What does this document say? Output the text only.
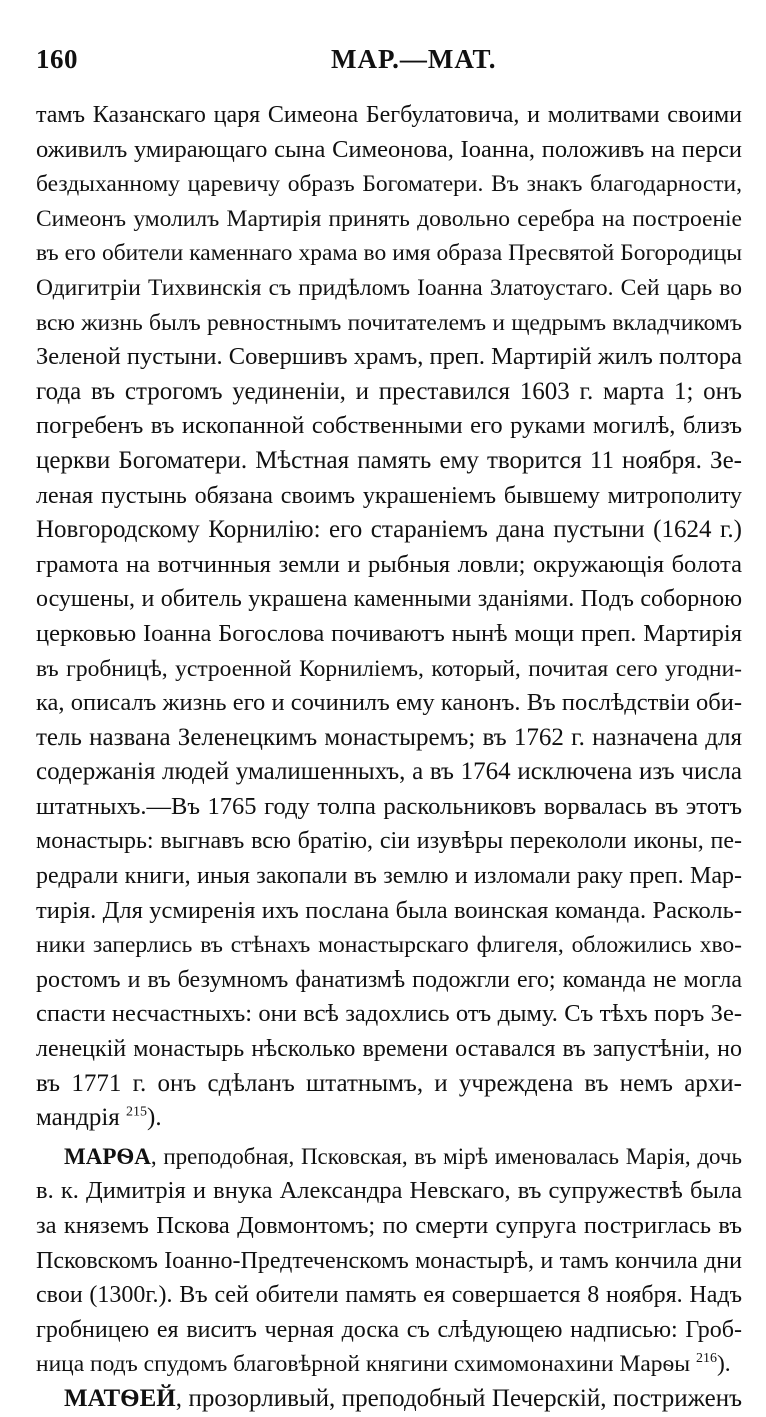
160	МАР.—МАТ.
тамъ Казанскаго царя Симеона Бегбулатовича, и молитвами своими
оживилъ умирающаго сына Симеонова, Іоанна, положивъ на перси
бездыханному царевичу образъ Богоматери. Въ знакъ благодарности,
Симеонъ умолилъ Мартирія принять довольно серебра на построеніе
въ его обители каменнаго храма во имя образа Пресвятой Богородицы
Одигитріи Тихвинскія съ придѣломъ Іоанна Златоустаго. Сей царь во
всю жизнь былъ ревностнымъ почитателемъ и щедрымъ вкладчикомъ
Зеленой пустыни. Совершивъ храмъ, преп. Мартирій жилъ полтора
года въ строгомъ уединеніи, и преставился 1603 г. марта 1; онъ
погребенъ въ ископанной собственными его руками могилѣ, близъ
церкви Богоматери. Мѣстная память ему творится 11 ноября. Зе-
леная пустынь обязана своимъ украшеніемъ бывшему митрополиту
Новгородскому Корнилію: его стараніемъ дана пустыни (1624 г.)
грамота на вотчинныя земли и рыбныя ловли; окружающія болота
осушены, и обитель украшена каменными зданіями. Подъ соборною
церковью Іоанна Богослова почиваютъ нынѣ мощи преп. Мартирія
въ гробницѣ, устроенной Корниліемъ, который, почитая сего угодни-
ка, описалъ жизнь его и сочинилъ ему канонъ. Въ послѣдствіи оби-
тель названа Зеленецкимъ монастыремъ; въ 1762 г. назначена для
содержанія людей умалишенныхъ, а въ 1764 исключена изъ числа
штатныхъ.—Въ 1765 году толпа раскольниковъ ворвалась въ этотъ
монастырь: выгнавъ всю братію, сіи изувѣры перекололи иконы, пе-
редрали книги, иныя закопали въ землю и изломали раку преп. Мар-
тирія. Для усмиренія ихъ послана была воинская команда. Расколь-
ники заперлись въ стѣнахъ монастырскаго флигеля, обложились хво-
ростомъ и въ безумномъ фанатизмѣ подожгли его; команда не могла
спасти несчастныхъ: они всѣ задохлись отъ дыму. Съ тѣхъ поръ Зе-
ленецкій монастырь нѣсколько времени оставался въ запустѣніи, но
въ 1771 г. онъ сдѣланъ штатнымъ, и учреждена въ немъ архи-
мандрія $^{215}$).
МАРѲА, преподобная, Псковская, въ мірѣ именовалась Марія, дочь
в. к. Димитрія и внука Александра Невскаго, въ супружествѣ была
за княземъ Пскова Довмонтомъ; по смерти супруга постриглась въ
Псковскомъ Іоанно-Предтеченскомъ монастырѣ, и тамъ кончила дни
свои (1300г.). Въ сей обители память ея совершается 8 ноября. Надъ
гробницею ея виситъ черная доска съ слѣдующею надписью: Гроб-
ница подъ спудомъ благовѣрной княгини схимомонахини Марѳы $^{216}$).
МАТѲЕЙ, прозорливый, преподобный Печерскій, постриженъ
